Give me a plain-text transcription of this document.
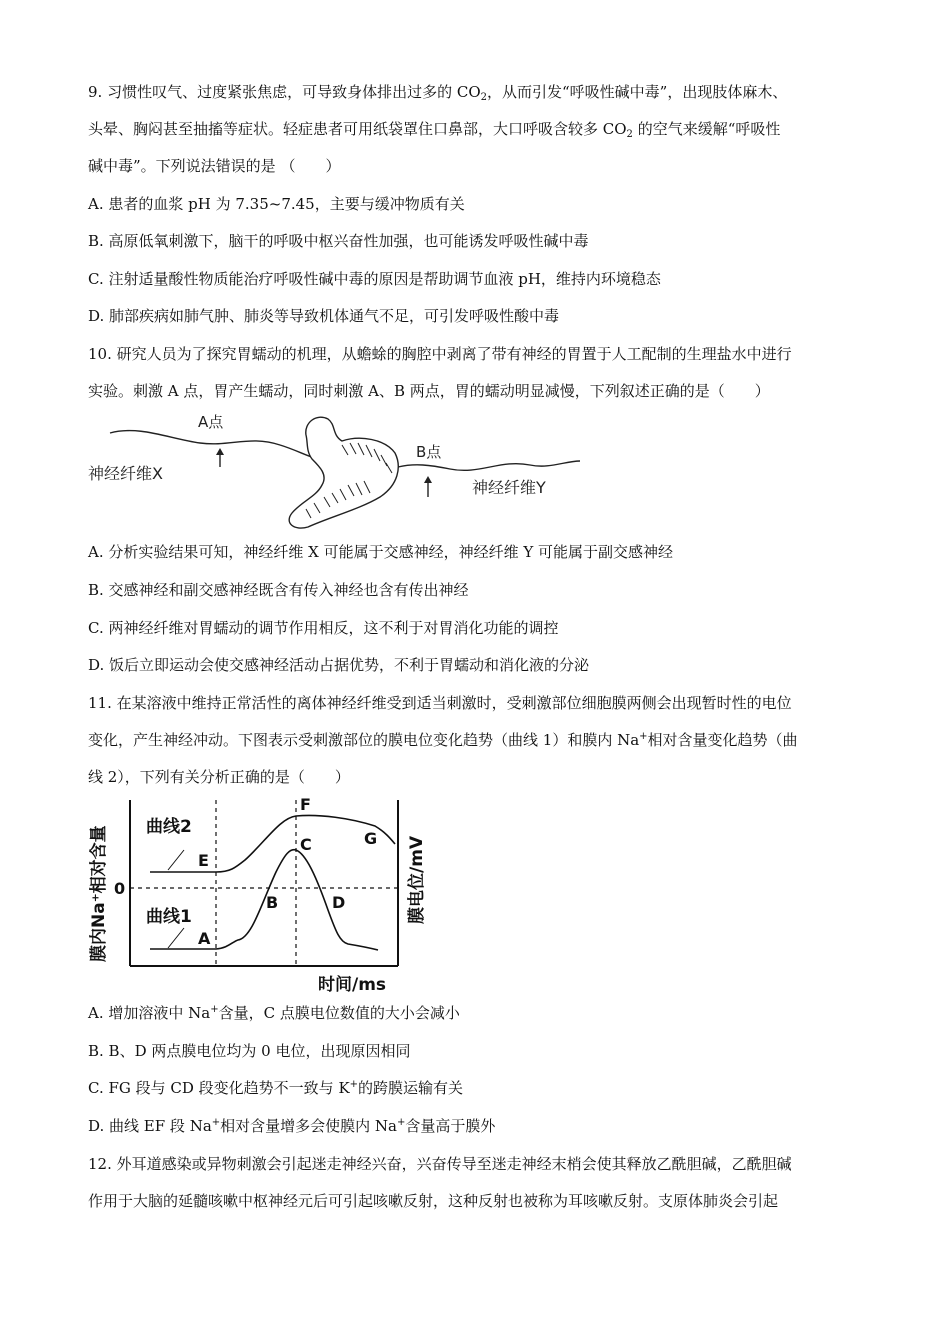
9. 习惯性叹气、过度紧张焦虑，可导致身体排出过多的 $CO_2$，从而引发“呼吸性碱中毒”，出现肢体麻木、
头晕、胸闷甚至抽搐等症状。轻症患者可用纸袋罩住口鼻部，大口呼吸含较多 $CO_2$ 的空气来缓解“呼吸性
碱中毒”。下列说法错误的是 （　　）
A. 患者的血浆 pH 为 7.35~7.45，主要与缓冲物质有关
B. 高原低氧刺激下，脑干的呼吸中枢兴奋性加强，也可能诱发呼吸性碱中毒
C. 注射适量酸性物质能治疗呼吸性碱中毒的原因是帮助调节血液 pH，维持内环境稳态
D. 肺部疾病如肺气肿、肺炎等导致机体通气不足，可引发呼吸性酸中毒
10. 研究人员为了探究胃蠕动的机理，从蟾蜍的胸腔中剥离了带有神经的胃置于人工配制的生理盐水中进行
实验。刺激 A 点，胃产生蠕动，同时刺激 A、B 两点，胃的蠕动明显减慢，下列叙述正确的是（　　）
A点
神经纤维X
B点
神经纤维Y
A. 分析实验结果可知，神经纤维 X 可能属于交感神经，神经纤维 Y 可能属于副交感神经
B. 交感神经和副交感神经既含有传入神经也含有传出神经
C. 两神经纤维对胃蠕动的调节作用相反，这不利于对胃消化功能的调控
D. 饭后立即运动会使交感神经活动占据优势，不利于胃蠕动和消化液的分泌
11. 在某溶液中维持正常活性的离体神经纤维受到适当刺激时，受刺激部位细胞膜两侧会出现暂时性的电位
变化，产生神经冲动。下图表示受刺激部位的膜电位变化趋势（曲线 1）和膜内 Na+相对含量变化趋势（曲
线 2），下列有关分析正确的是（　　）
曲线2
曲线1
0
E
A
F
C	G
B	D
时间/ms
膜内Na⁺相对含量	膜电位/mV
A. 增加溶液中 Na+含量，C 点膜电位数值的大小会减小
B. B、D 两点膜电位均为 0 电位，出现原因相同
C. FG 段与 CD 段变化趋势不一致与 K+的跨膜运输有关
D. 曲线 EF 段 Na+相对含量增多会使膜内 Na+含量高于膜外
12. 外耳道感染或异物刺激会引起迷走神经兴奋，兴奋传导至迷走神经末梢会使其释放乙酰胆碱，乙酰胆碱
作用于大脑的延髓咳嗽中枢神经元后可引起咳嗽反射，这种反射也被称为耳咳嗽反射。支原体肺炎会引起
